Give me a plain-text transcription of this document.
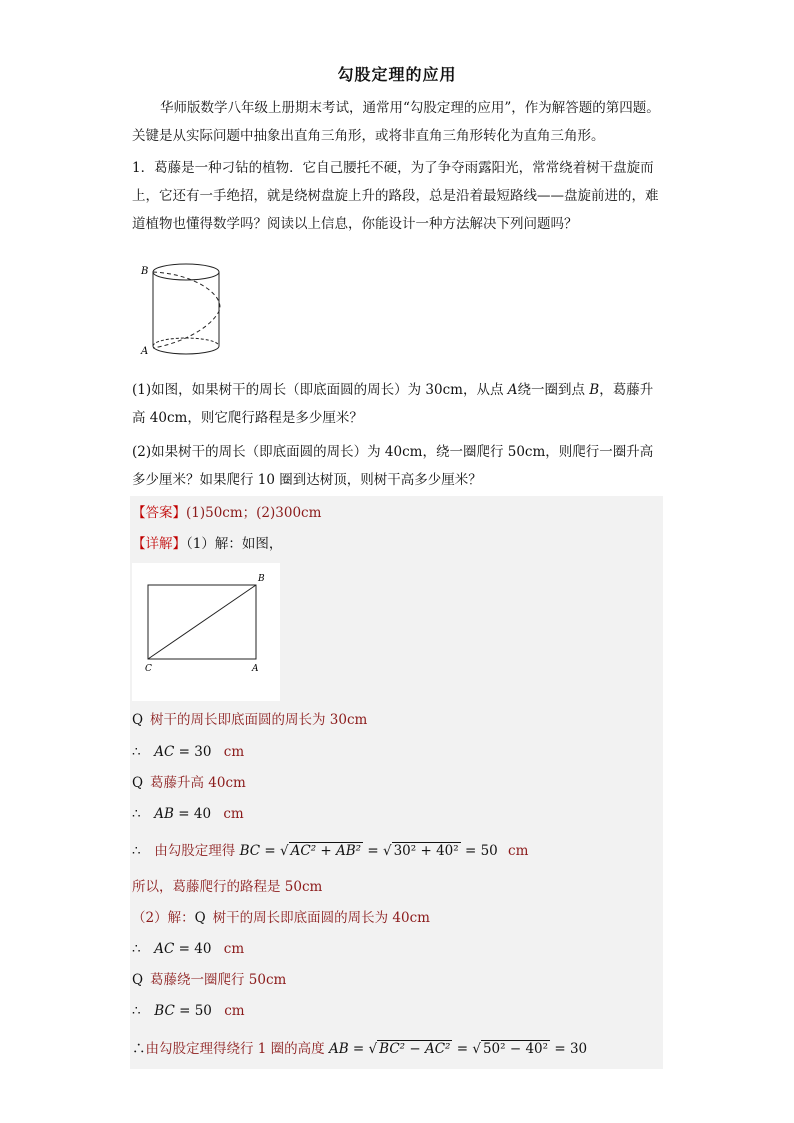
勾股定理的应用
华师版数学八年级上册期末考试，通常用“勾股定理的应用”，作为解答题的第四题。关键是从实际问题中抽象出直角三角形，或将非直角三角形转化为直角三角形。
1．葛藤是一种刁钻的植物．它自己腰托不硬，为了争夺雨露阳光，常常绕着树干盘旋而上，它还有一手绝招，就是绕树盘旋上升的路段，总是沿着最短路线——盘旋前进的，难道植物也懂得数学吗？阅读以上信息，你能设计一种方法解决下列问题吗？
B
A
(1)如图，如果树干的周长（即底面圆的周长）为 30cm，从点 A绕一圈到点 B，葛藤升高 40cm，则它爬行路程是多少厘米？
(2)如果树干的周长（即底面圆的周长）为 40cm，绕一圈爬行 50cm，则爬行一圈升高多少厘米？如果爬行 10 圈到达树顶，则树干高多少厘米？
【答案】(1)50cm；(2)300cm
【详解】（1）解：如图，
B
C	A
Q 树干的周长即底面圆的周长为 30cm
∴ AC = 30 cm
Q 葛藤升高 40cm
∴ AB = 40 cm
∴ 由勾股定理得 BC = √ AC² + AB² = √ 30² + 40² = 50 cm
所以，葛藤爬行的路程是 50cm
（2）解：Q 树干的周长即底面圆的周长为 40cm
∴ AC = 40 cm
Q 葛藤绕一圈爬行 50cm
∴ BC = 50 cm
∴由勾股定理得绕行 1 圈的高度 AB = √ BC² − AC² = √ 50² − 40² = 30
